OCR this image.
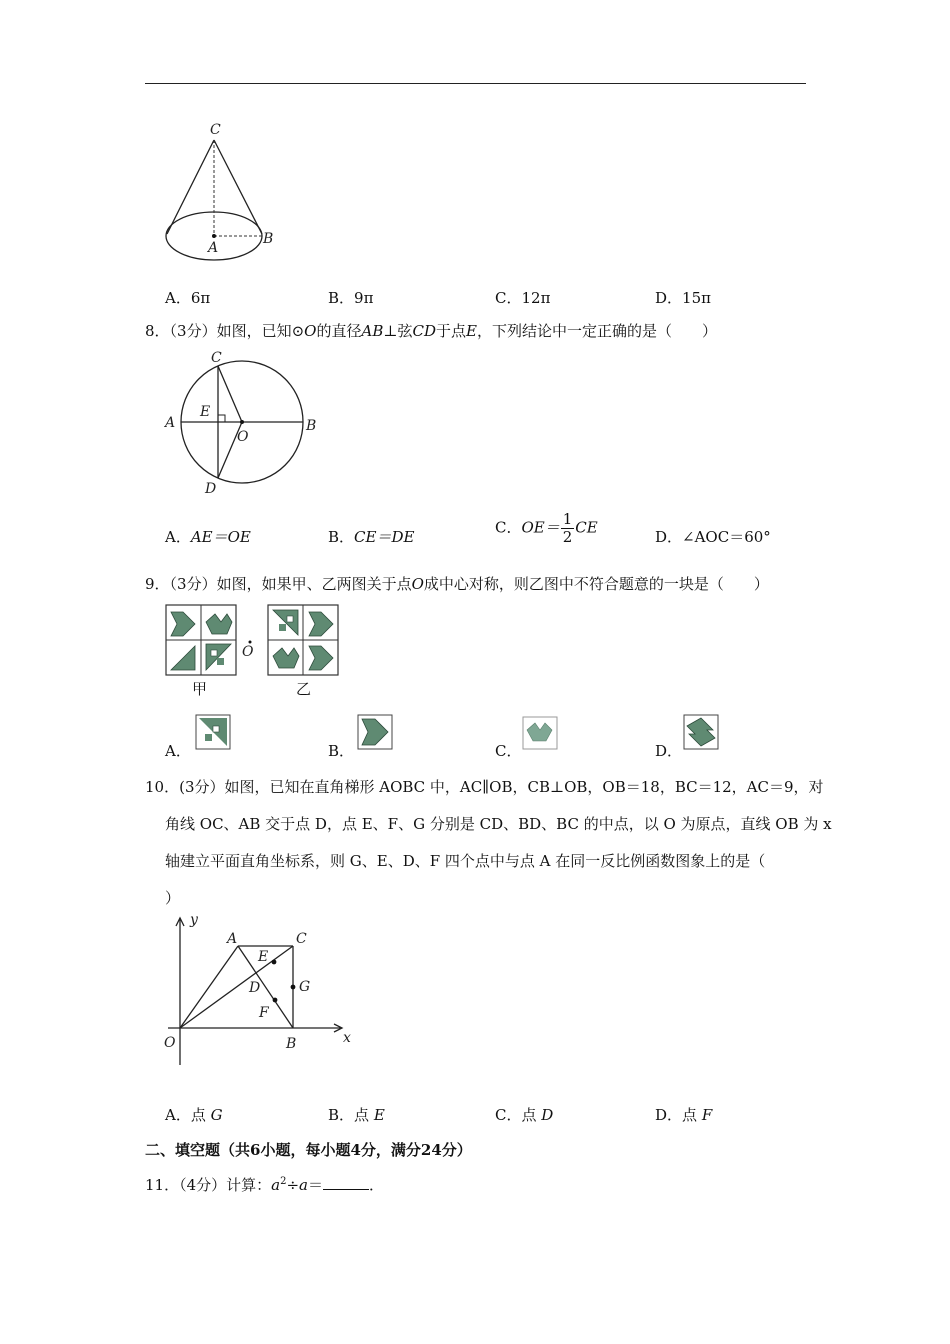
C
A
B
A．6π	B．9π	C．12π	D．15π
8．（3分）如图，已知⊙O的直径AB⊥弦CD于点E，下列结论中一定正确的是（　　）
C
E
A
O
B
D
A．AE＝OE	B．CE＝DE
C．$OE= \frac{1}{2}$ CE
D．∠AOC＝60°
9．（3分）如图，如果甲、乙两图关于点O成中心对称，则乙图中不符合题意的一块是（　　）
甲
O
乙
A．	B．	C．	D．
10．(3分）如图，已知在直角梯形 AOBC 中，AC∥OB，CB⊥OB，OB＝18，BC＝12，AC＝9，对
角线 OC、AB 交于点 D，点 E、F、G 分别是 CD、BD、BC 的中点，以 O 为原点，直线 OB 为 x
轴建立平面直角坐标系，则 G、E、D、F 四个点中与点 A 在同一反比例函数图象上的是（
）
y
x
A	C
E
D	G
F
O	B
A．点 G	B．点 E	C．点 D	D．点 F
二、填空题（共6小题，每小题4分，满分24分）
11．（4分）计算：$a^2\div a=$	．
